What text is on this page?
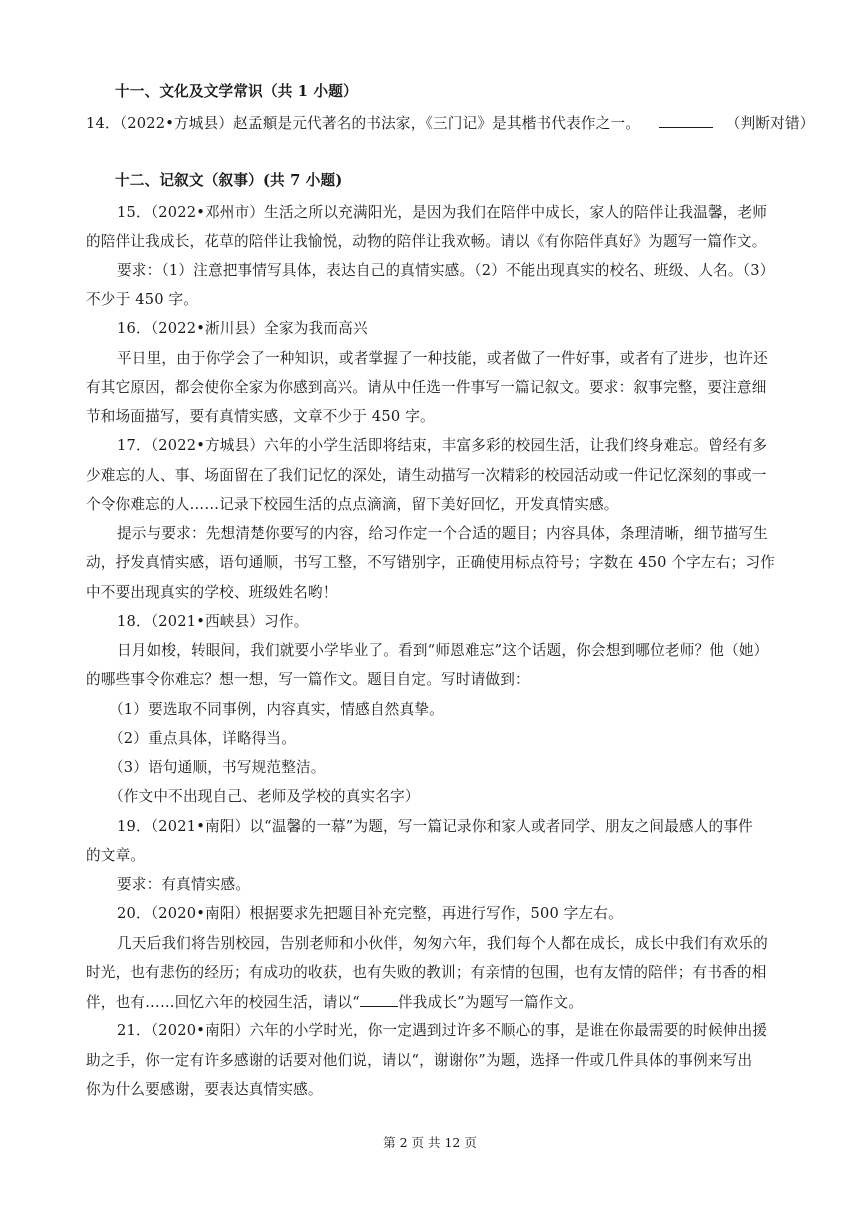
十一、文化及文学常识（共 1 小题）
14．（2022•方城县）赵孟頫是元代著名的书法家，《三门记》是其楷书代表作之一。	（判断对错）
十二、记叙文（叙事）(共 7 小题)
15．（2022•邓州市）生活之所以充满阳光，是因为我们在陪伴中成长，家人的陪伴让我温馨，老师
的陪伴让我成长，花草的陪伴让我愉悦，动物的陪伴让我欢畅。请以《有你陪伴真好》为题写一篇作文。
要求：（1）注意把事情写具体，表达自己的真情实感。（2）不能出现真实的校名、班级、人名。（3）
不少于 450 字。
16．（2022•淅川县）全家为我而高兴
平日里，由于你学会了一种知识，或者掌握了一种技能，或者做了一件好事，或者有了进步，也许还
有其它原因，都会使你全家为你感到高兴。请从中任选一件事写一篇记叙文。要求：叙事完整，要注意细
节和场面描写，要有真情实感，文章不少于 450 字。
17．（2022•方城县）六年的小学生活即将结束，丰富多彩的校园生活，让我们终身难忘。曾经有多
少难忘的人、事、场面留在了我们记忆的深处，请生动描写一次精彩的校园活动或一件记忆深刻的事或一
个令你难忘的人……记录下校园生活的点点滴滴，留下美好回忆，开发真情实感。
提示与要求：先想清楚你要写的内容，给习作定一个合适的题目；内容具体，条理清晰，细节描写生
动，抒发真情实感，语句通顺，书写工整，不写错别字，正确使用标点符号；字数在 450 个字左右；习作
中不要出现真实的学校、班级姓名哟！
18．（2021•西峡县）习作。
日月如梭，转眼间，我们就要小学毕业了。看到“师恩难忘”这个话题，你会想到哪位老师？他（她）
的哪些事令你难忘？想一想，写一篇作文。题目自定。写时请做到：
（1）要选取不同事例，内容真实，情感自然真挚。
（2）重点具体，详略得当。
（3）语句通顺，书写规范整洁。
（作文中不出现自己、老师及学校的真实名字）
19．（2021•南阳）以“温馨的一幕”为题，写一篇记录你和家人或者同学、朋友之间最感人的事件
的文章。
要求：有真情实感。
20．（2020•南阳）根据要求先把题目补充完整，再进行写作，500 字左右。
几天后我们将告别校园，告别老师和小伙伴，匆匆六年，我们每个人都在成长，成长中我们有欢乐的
时光，也有悲伤的经历；有成功的收获，也有失败的教训；有亲情的包围，也有友情的陪伴；有书香的相
伴，也有……回忆六年的校园生活，请以“	伴我成长”为题写一篇作文。
21．（2020•南阳）六年的小学时光，你一定遇到过许多不顺心的事，是谁在你最需要的时候伸出援
助之手，你一定有许多感谢的话要对他们说，请以“，谢谢你”为题，选择一件或几件具体的事例来写出
你为什么要感谢，要表达真情实感。
第 2 页 共 12 页
